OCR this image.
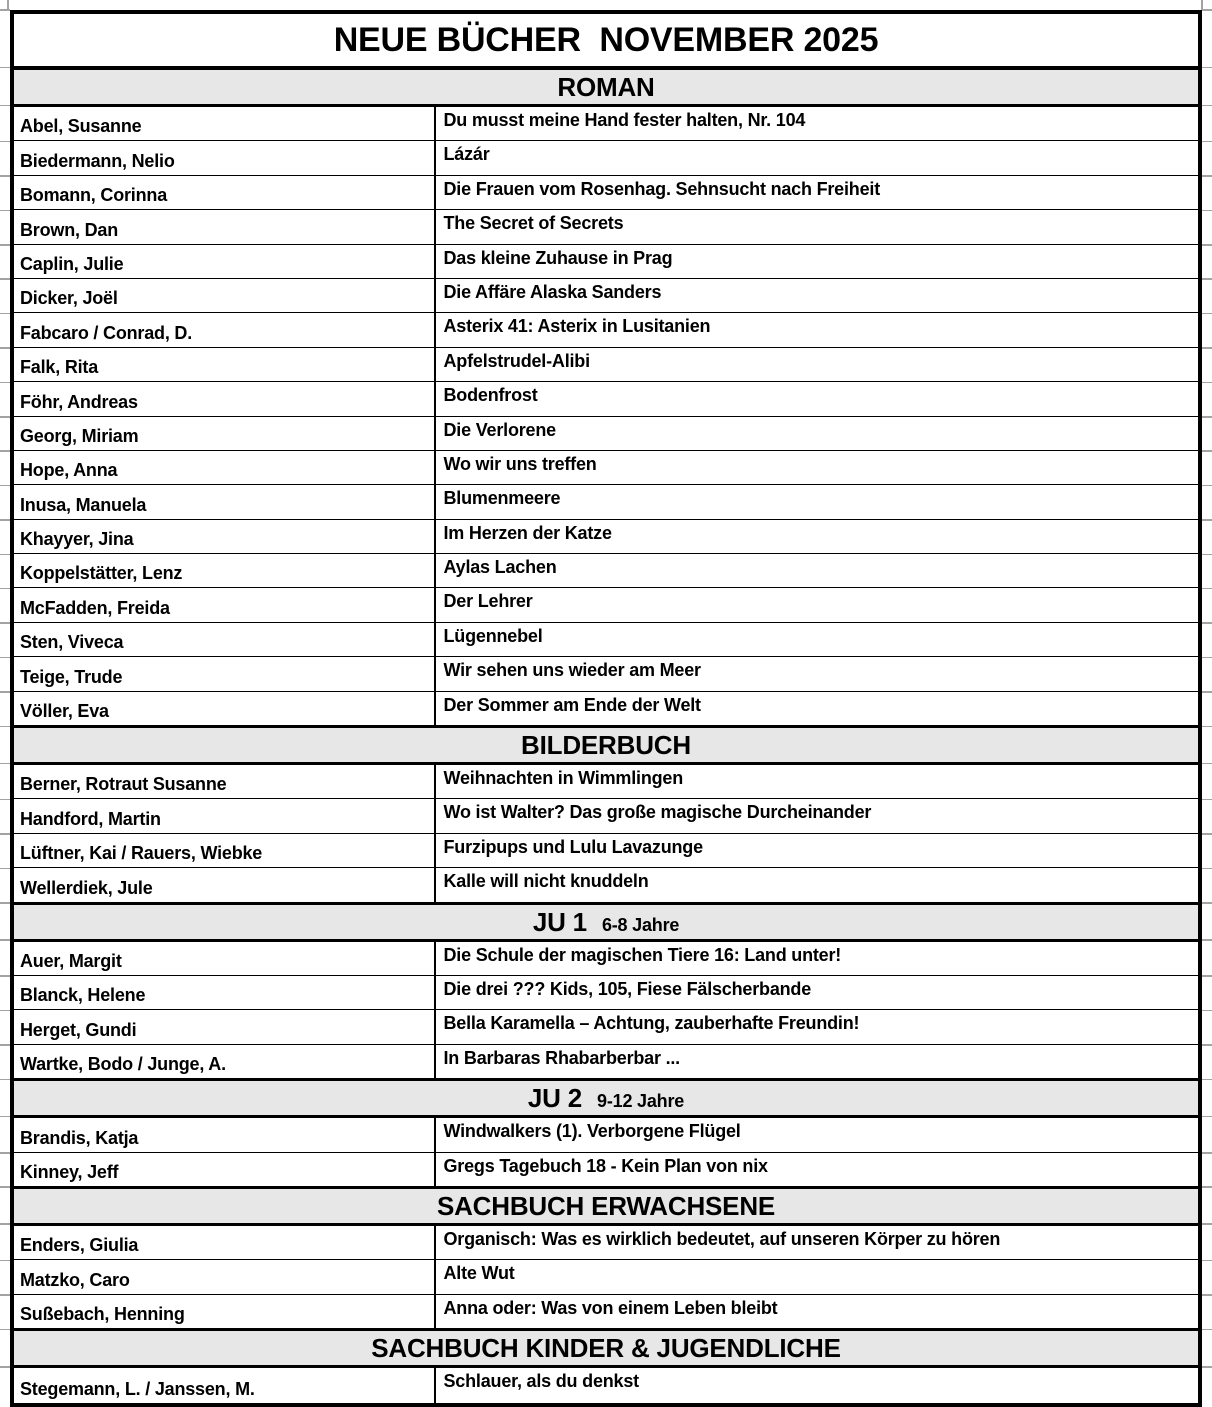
NEUE BÜCHER  NOVEMBER 2025
ROMAN
Abel, Susanne	Du musst meine Hand fester halten, Nr. 104
Biedermann, Nelio	Lázár
Bomann, Corinna	Die Frauen vom Rosenhag. Sehnsucht nach Freiheit
Brown, Dan	The Secret of Secrets
Caplin, Julie	Das kleine Zuhause in Prag
Dicker, Joël	Die Affäre Alaska Sanders
Fabcaro / Conrad, D.	Asterix 41: Asterix in Lusitanien
Falk, Rita	Apfelstrudel-Alibi
Föhr, Andreas	Bodenfrost
Georg, Miriam	Die Verlorene
Hope, Anna	Wo wir uns treffen
Inusa, Manuela	Blumenmeere
Khayyer, Jina	Im Herzen der Katze
Koppelstätter, Lenz	Aylas Lachen
McFadden, Freida	Der Lehrer
Sten, Viveca	Lügennebel
Teige, Trude	Wir sehen uns wieder am Meer
Völler, Eva	Der Sommer am Ende der Welt
BILDERBUCH
Berner, Rotraut Susanne	Weihnachten in Wimmlingen
Handford, Martin	Wo ist Walter? Das große magische Durcheinander
Lüftner, Kai / Rauers, Wiebke	Furzipups und Lulu Lavazunge
Wellerdiek, Jule	Kalle will nicht knuddeln
JU 1 6-8 Jahre
Auer, Margit	Die Schule der magischen Tiere 16: Land unter!
Blanck, Helene	Die drei ??? Kids, 105, Fiese Fälscherbande
Herget, Gundi	Bella Karamella – Achtung, zauberhafte Freundin!
Wartke, Bodo / Junge, A.	In Barbaras Rhabarberbar ...
JU 2 9-12 Jahre
Brandis, Katja	Windwalkers (1). Verborgene Flügel
Kinney, Jeff	Gregs Tagebuch 18 - Kein Plan von nix
SACHBUCH ERWACHSENE
Enders, Giulia	Organisch: Was es wirklich bedeutet, auf unseren Körper zu hören
Matzko, Caro	Alte Wut
Sußebach, Henning	Anna oder: Was von einem Leben bleibt
SACHBUCH KINDER & JUGENDLICHE
Stegemann, L. / Janssen, M.	Schlauer, als du denkst
